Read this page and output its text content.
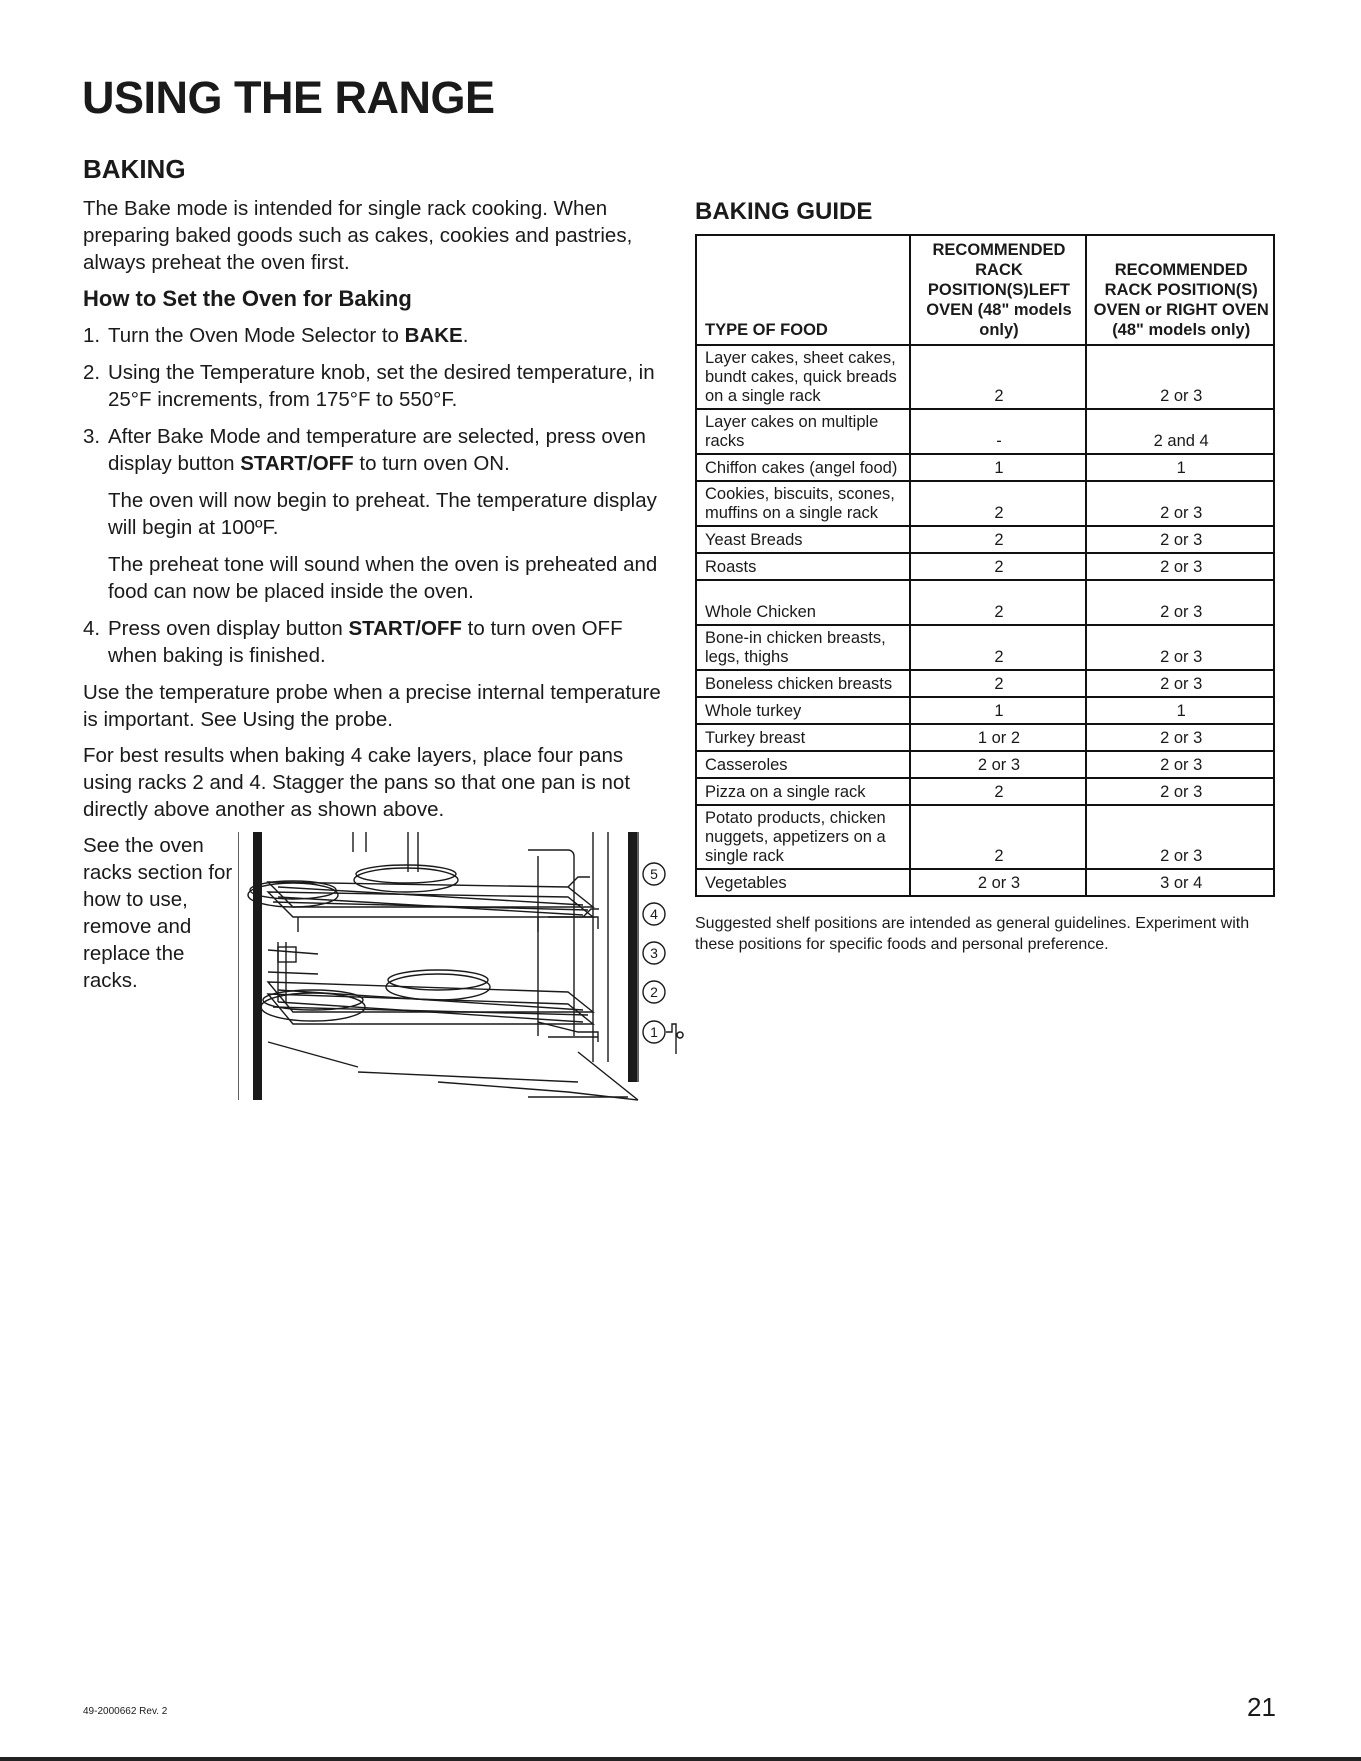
USING THE RANGE
BAKING

The Bake mode is intended for single rack cooking. When preparing baked goods such as cakes, cookies and pastries, always preheat the oven first.

How to Set the Oven for Baking
1. Turn the Oven Mode Selector to BAKE.
2. Using the Temperature knob, set the desired temperature, in 25°F increments, from 175°F to 550°F.
3. After Bake Mode and temperature are selected, press oven display button START/OFF to turn oven ON.

The oven will now begin to preheat. The temperature display will begin at 100ºF.

The preheat tone will sound when the oven is preheated and food can now be placed inside the oven.

4. Press oven display button START/OFF to turn oven OFF when baking is finished.

Use the temperature probe when a precise internal temperature is important. See Using the probe.

For best results when baking 4 cake layers, place four pans using racks 2 and 4. Stagger the pans so that one pan is not directly above another as shown above.

See the oven racks section for how to use, remove and replace the racks.

5
4
3
2
1
BAKING GUIDE
TYPE OF FOOD	RECOMMENDED RACK POSITION(S)LEFT OVEN (48" models only)	RECOMMENDED RACK POSITION(S) OVEN or RIGHT OVEN (48" models only)
Layer cakes, sheet cakes, bundt cakes, quick breads on a single rack	2	2 or 3
Layer cakes on multiple racks	-	2 and 4
Chiffon cakes (angel food)	1	1
Cookies, biscuits, scones, muffins on a single rack	2	2 or 3
Yeast Breads	2	2 or 3
Roasts	2	2 or 3
Whole Chicken	2	2 or 3
Bone-in chicken breasts, legs, thighs	2	2 or 3
Boneless chicken breasts	2	2 or 3
Whole turkey	1	1
Turkey breast	1 or 2	2 or 3
Casseroles	2 or 3	2 or 3
Pizza on a single rack	2	2 or 3
Potato products, chicken nuggets, appetizers on a single rack	2	2 or 3
Vegetables	2 or 3	3 or 4

Suggested shelf positions are intended as general guidelines. Experiment with these positions for specific foods and personal preference.

49-2000662 Rev. 2	21
